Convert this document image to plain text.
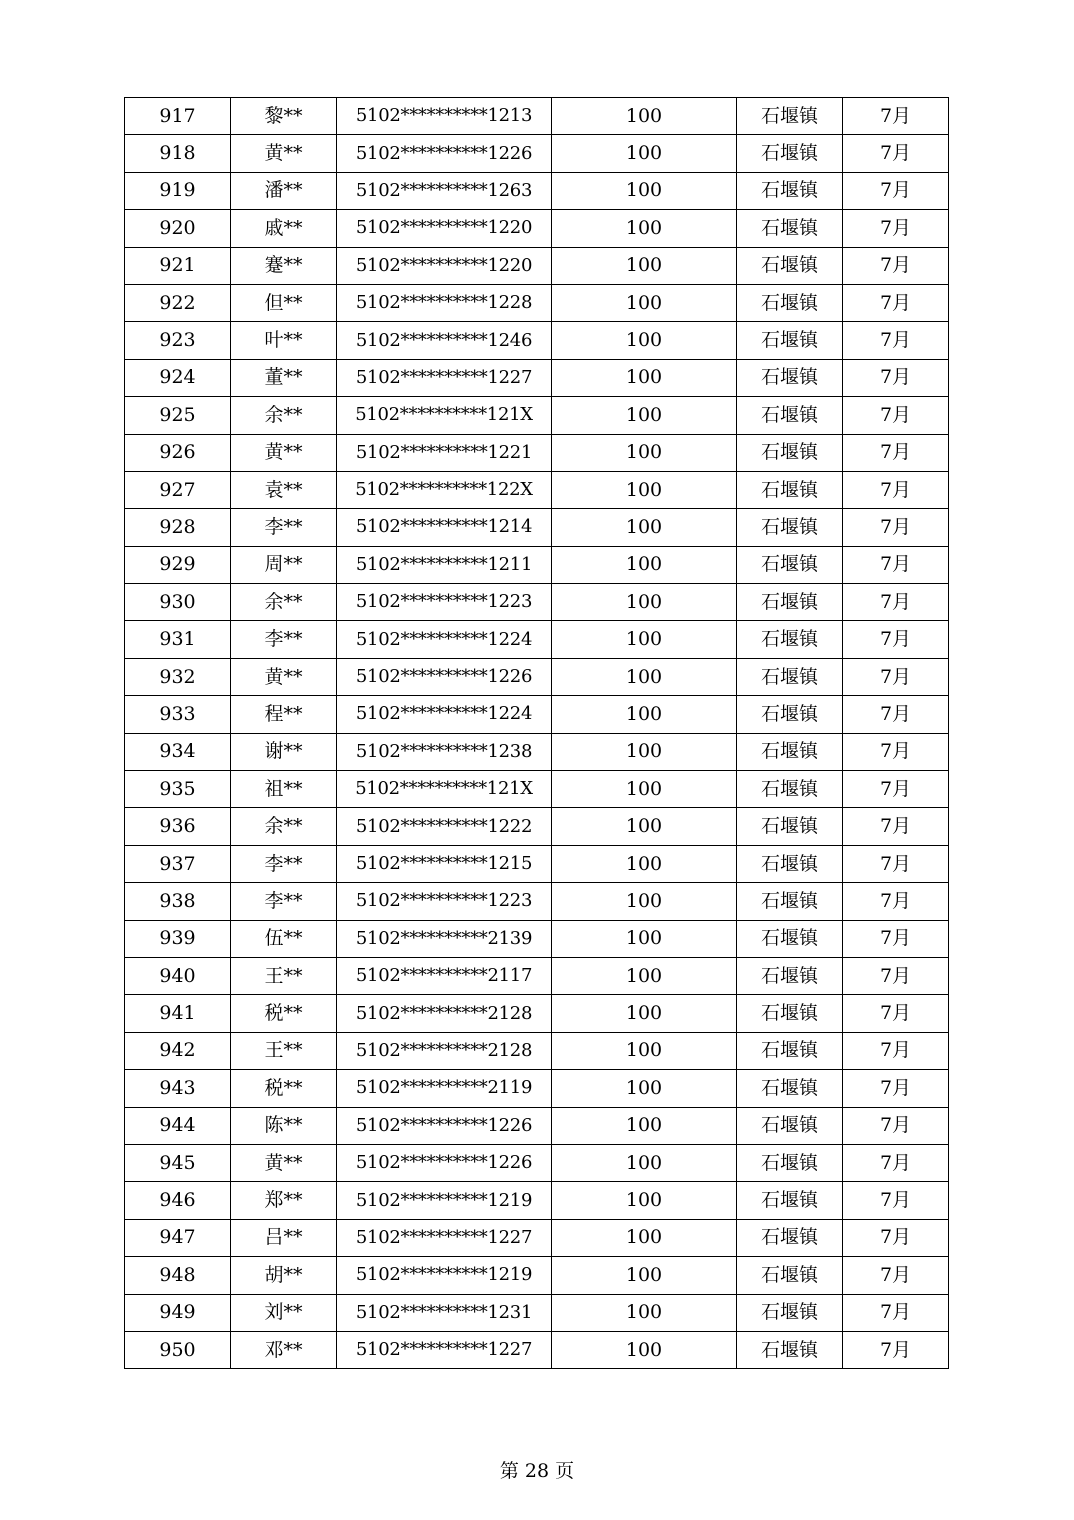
917	黎**	5102**********1213	100	石堰镇	7月
918	黄**	5102**********1226	100	石堰镇	7月
919	潘**	5102**********1263	100	石堰镇	7月
920	戚**	5102**********1220	100	石堰镇	7月
921	蹇**	5102**********1220	100	石堰镇	7月
922	但**	5102**********1228	100	石堰镇	7月
923	叶**	5102**********1246	100	石堰镇	7月
924	董**	5102**********1227	100	石堰镇	7月
925	余**	5102**********121X	100	石堰镇	7月
926	黄**	5102**********1221	100	石堰镇	7月
927	袁**	5102**********122X	100	石堰镇	7月
928	李**	5102**********1214	100	石堰镇	7月
929	周**	5102**********1211	100	石堰镇	7月
930	余**	5102**********1223	100	石堰镇	7月
931	李**	5102**********1224	100	石堰镇	7月
932	黄**	5102**********1226	100	石堰镇	7月
933	程**	5102**********1224	100	石堰镇	7月
934	谢**	5102**********1238	100	石堰镇	7月
935	祖**	5102**********121X	100	石堰镇	7月
936	余**	5102**********1222	100	石堰镇	7月
937	李**	5102**********1215	100	石堰镇	7月
938	李**	5102**********1223	100	石堰镇	7月
939	伍**	5102**********2139	100	石堰镇	7月
940	王**	5102**********2117	100	石堰镇	7月
941	税**	5102**********2128	100	石堰镇	7月
942	王**	5102**********2128	100	石堰镇	7月
943	税**	5102**********2119	100	石堰镇	7月
944	陈**	5102**********1226	100	石堰镇	7月
945	黄**	5102**********1226	100	石堰镇	7月
946	郑**	5102**********1219	100	石堰镇	7月
947	吕**	5102**********1227	100	石堰镇	7月
948	胡**	5102**********1219	100	石堰镇	7月
949	刘**	5102**********1231	100	石堰镇	7月
950	邓**	5102**********1227	100	石堰镇	7月
第 28 页
